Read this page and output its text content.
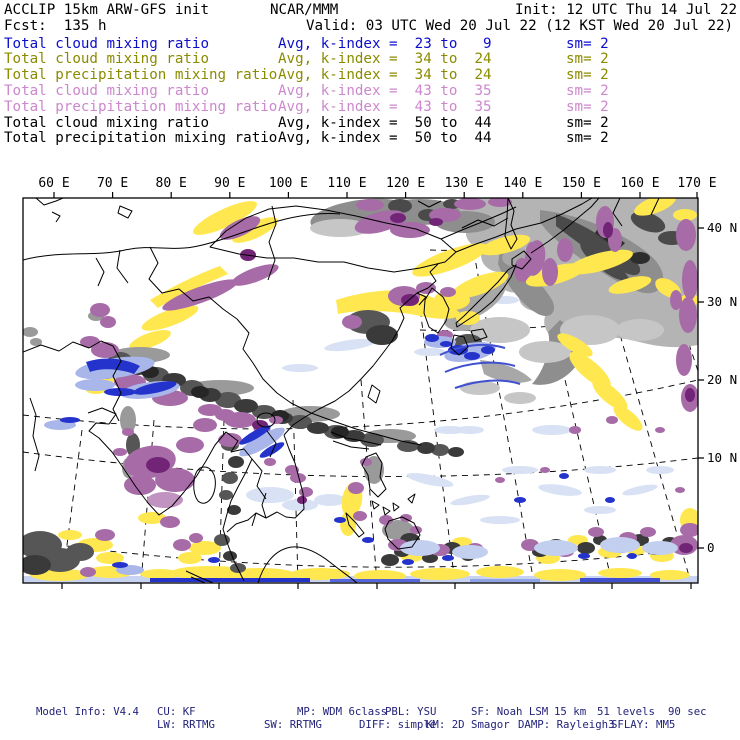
ACCLIP 15km ARW-GFS init	NCAR/MMM	Init: 12 UTC Thu 14 Jul 22
Fcst:  135 h	Valid: 03 UTC Wed 20 Jul 22 (12 KST Wed 20 Jul 22)
Total cloud mixing ratio	Avg, k-index =  23 to   9	sm= 2
Total cloud mixing ratio	Avg, k-index =  34 to  24	sm= 2
Total precipitation mixing ratio Avg, k-index =  34 to  24	sm= 2
Total cloud mixing ratio	Avg, k-index =  43 to  35	sm= 2
Total precipitation mixing ratio Avg, k-index =  43 to  35	sm= 2
Total cloud mixing ratio	Avg, k-index =  50 to  44	sm= 2
Total precipitation mixing ratio Avg, k-index =  50 to  44	sm= 2
60 E 70 E 80 E 90 E 100 E 110 E 120 E 130 E 140 E 150 E 160 E 170 E
40 N
30 N
20 N
10 N
0
Model Info: V4.4 CU: KF	MP: WDM 6class
PBL: YSU	SF: Noah LSM 15 km 51 levels 90 sec
LW: RRTMG	SW: RRTMG	DIFF: simple
KM: 2D Smagor DAMP: Rayleigh3
SFLAY: MM5
